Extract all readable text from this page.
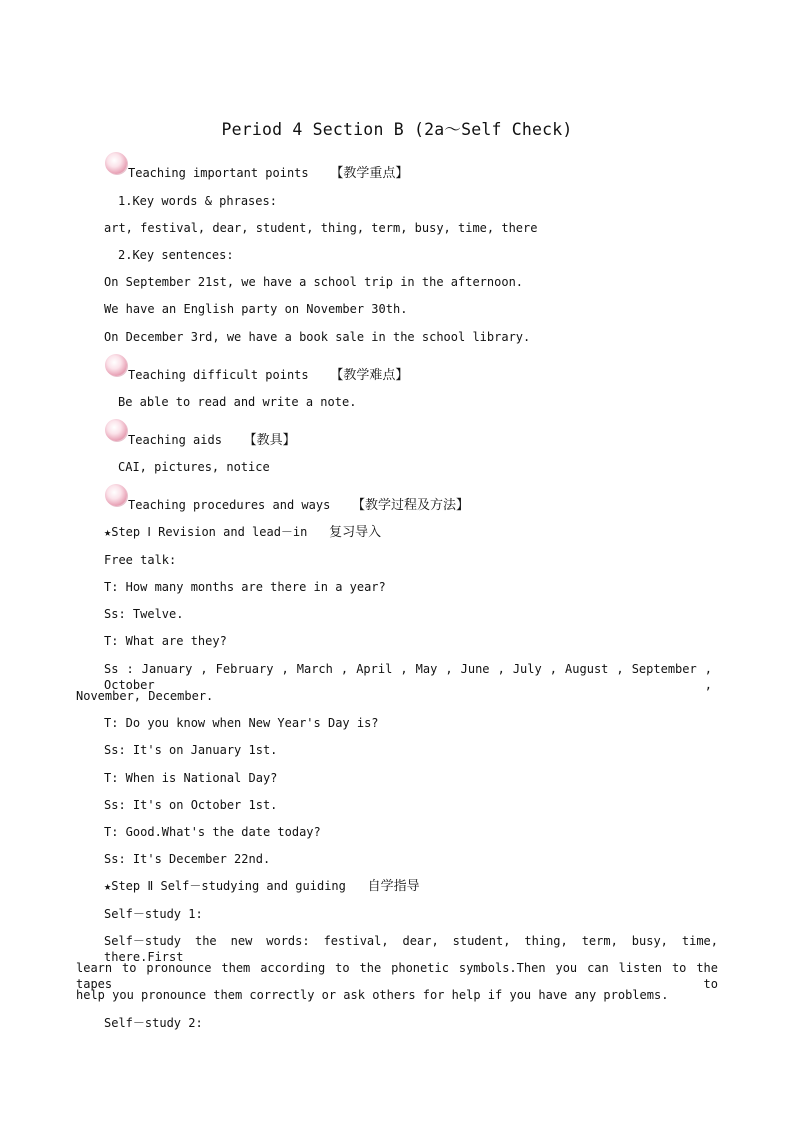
Period 4 Section B (2a～Self Check)
Teaching important points 【教学重点】
1.Key words & phrases:
art, festival, dear, student, thing, term, busy, time, there
2.Key sentences:
On September 21st, we have a school trip in the afternoon.
We have an English party on November 30th.
On December 3rd, we have a book sale in the school library.
Teaching difficult points 【教学难点】
Be able to read and write a note.
Teaching aids 【教具】
CAI, pictures, notice
Teaching procedures and ways 【教学过程及方法】
★Step Ⅰ Revision and lead－in 复习导入
Free talk:
T: How many months are there in a year?
Ss: Twelve.
T: What are they?
Ss : January , February , March , April , May , June , July , August , September , October ,
November, December.
T: Do you know when New Year's Day is?
Ss: It's on January 1st.
T: When is National Day?
Ss: It's on October 1st.
T: Good.What's the date today?
Ss: It's December 22nd.
★Step Ⅱ Self－studying and guiding 自学指导
Self－study 1:
Self－study the new words: festival, dear, student, thing, term, busy, time, there.First
learn to pronounce them according to the phonetic symbols.Then you can listen to the tapes to
help you pronounce them correctly or ask others for help if you have any problems.
Self－study 2:
